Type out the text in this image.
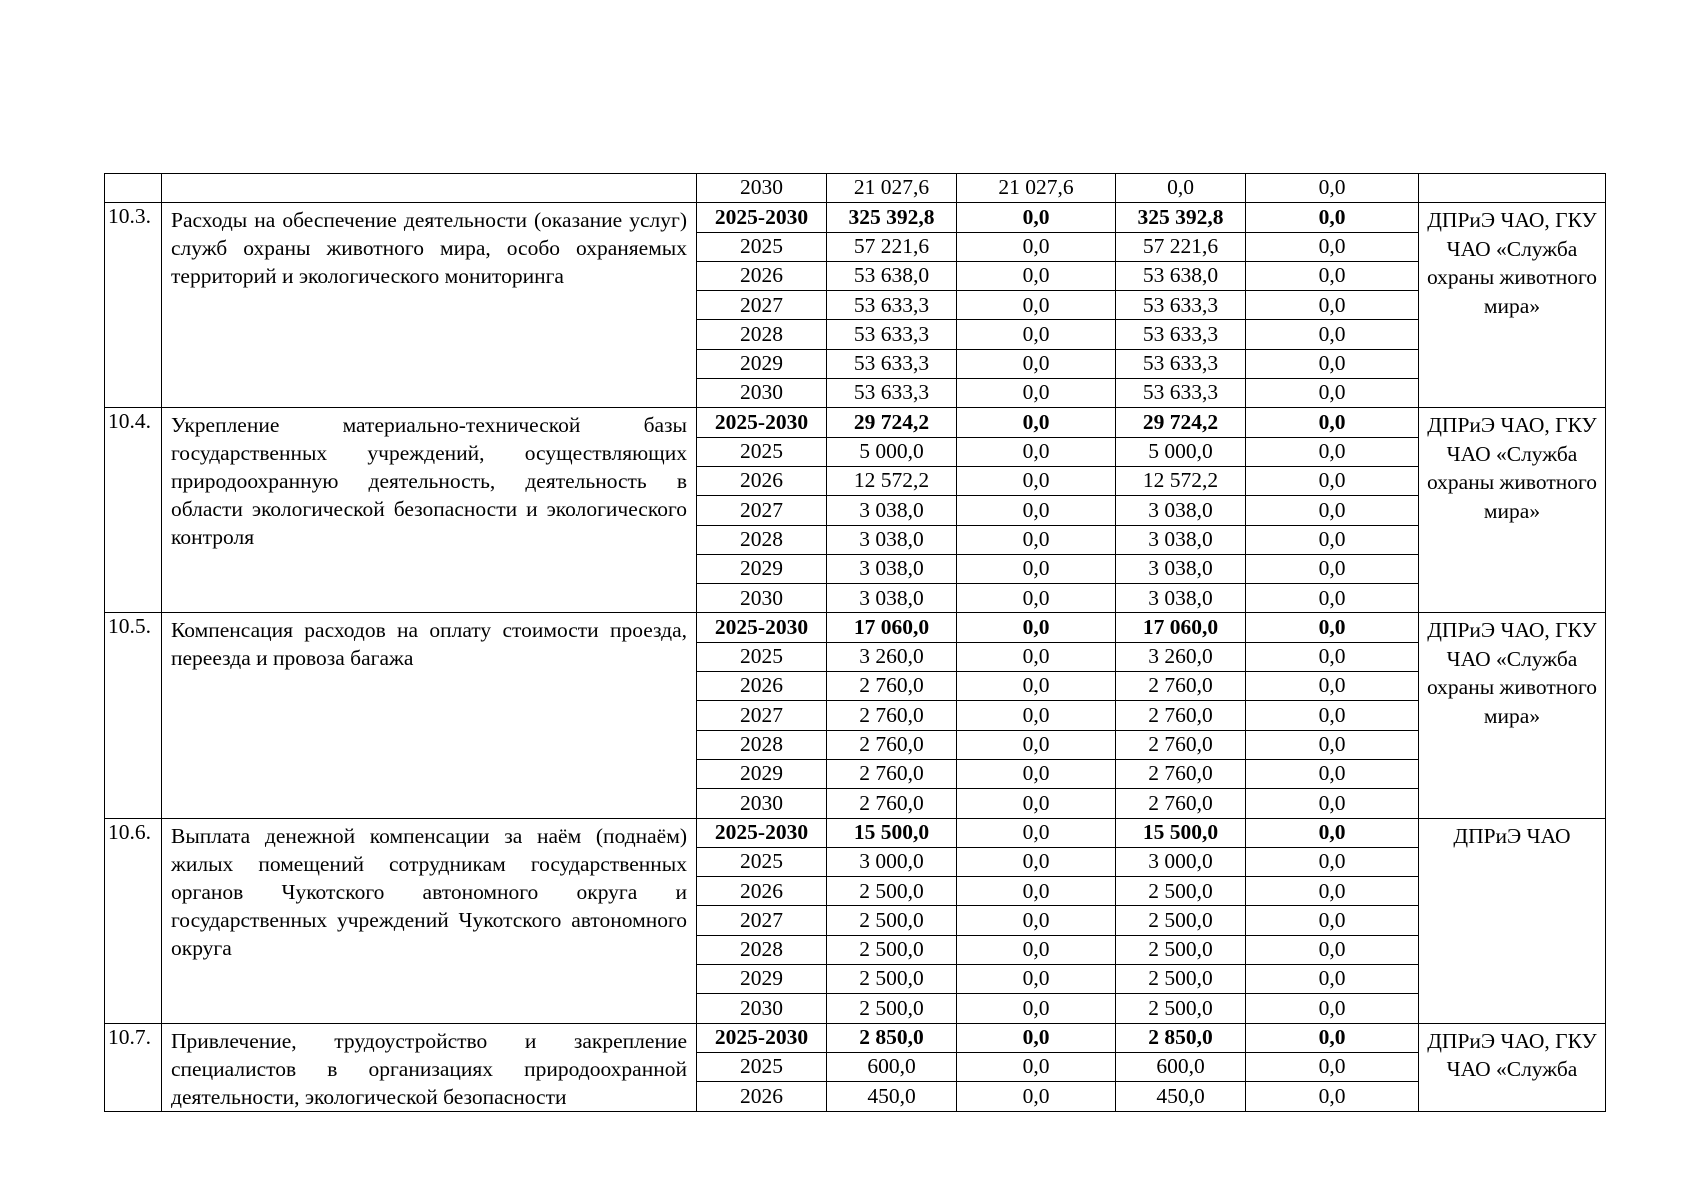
		2030	21 027,6	21 027,6	0,0	0,0	
10.3.	Расходы на обеспечение деятельности (оказание услуг) служб охраны животного мира, особо охраняемых территорий и экологического мониторинга	2025-2030	325 392,8	0,0	325 392,8	0,0	ДПРиЭ ЧАО, ГКУ ЧАО «Служба охраны животного мира»
		2025	57 221,6	0,0	57 221,6	0,0	
		2026	53 638,0	0,0	53 638,0	0,0	
		2027	53 633,3	0,0	53 633,3	0,0	
		2028	53 633,3	0,0	53 633,3	0,0	
		2029	53 633,3	0,0	53 633,3	0,0	
		2030	53 633,3	0,0	53 633,3	0,0	
10.4.	Укрепление материально-технической базы государственных учреждений, осуществляющих природоохранную деятельность, деятельность в области экологической безопасности и экологического контроля	2025-2030	29 724,2	0,0	29 724,2	0,0	ДПРиЭ ЧАО, ГКУ ЧАО «Служба охраны животного мира»
		2025	5 000,0	0,0	5 000,0	0,0	
		2026	12 572,2	0,0	12 572,2	0,0	
		2027	3 038,0	0,0	3 038,0	0,0	
		2028	3 038,0	0,0	3 038,0	0,0	
		2029	3 038,0	0,0	3 038,0	0,0	
		2030	3 038,0	0,0	3 038,0	0,0	
10.5.	Компенсация расходов на оплату стоимости проезда, переезда и провоза багажа	2025-2030	17 060,0	0,0	17 060,0	0,0	ДПРиЭ ЧАО, ГКУ ЧАО «Служба охраны животного мира»
		2025	3 260,0	0,0	3 260,0	0,0	
		2026	2 760,0	0,0	2 760,0	0,0	
		2027	2 760,0	0,0	2 760,0	0,0	
		2028	2 760,0	0,0	2 760,0	0,0	
		2029	2 760,0	0,0	2 760,0	0,0	
		2030	2 760,0	0,0	2 760,0	0,0	
10.6.	Выплата денежной компенсации за наём (поднаём) жилых помещений сотрудникам государственных органов Чукотского автономного округа и государственных учреждений Чукотского автономного округа	2025-2030	15 500,0	0,0	15 500,0	0,0	ДПРиЭ ЧАО
		2025	3 000,0	0,0	3 000,0	0,0	
		2026	2 500,0	0,0	2 500,0	0,0	
		2027	2 500,0	0,0	2 500,0	0,0	
		2028	2 500,0	0,0	2 500,0	0,0	
		2029	2 500,0	0,0	2 500,0	0,0	
		2030	2 500,0	0,0	2 500,0	0,0	
10.7.	Привлечение, трудоустройство и закрепление специалистов в организациях природоохранной деятельности, экологической безопасности	2025-2030	2 850,0	0,0	2 850,0	0,0	ДПРиЭ ЧАО, ГКУ ЧАО «Служба
		2025	600,0	0,0	600,0	0,0	
		2026	450,0	0,0	450,0	0,0	
